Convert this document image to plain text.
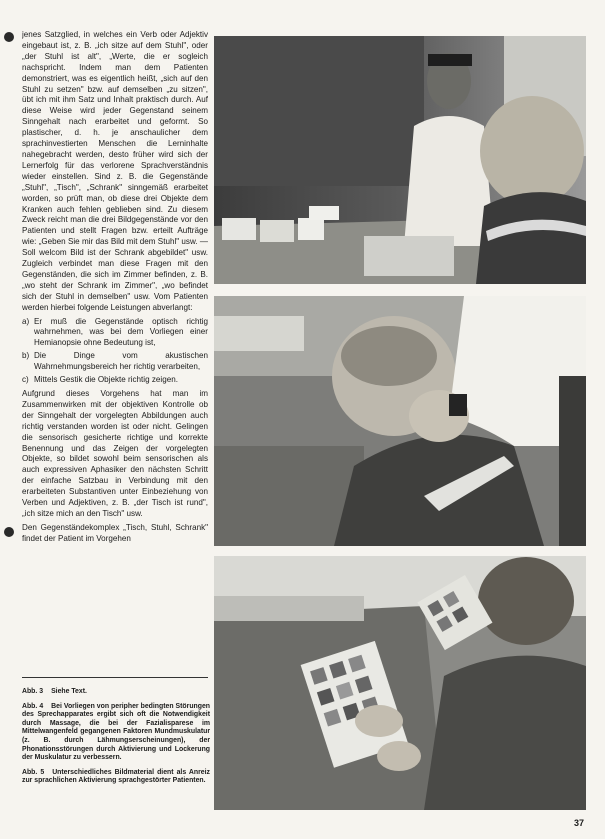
jenes Satzglied, in welches ein Verb oder Adjektiv eingebaut ist, z. B. „ich sitze auf dem Stuhl", oder „der Stuhl ist alt", „Werte, die er sogleich nachspricht. Indem man dem Patienten demonstriert, was es eigentlich heißt, „sich auf den Stuhl zu setzen" bzw. auf demselben „zu sitzen", übt ich mit ihm Satz und Inhalt praktisch durch. Auf diese Weise wird jeder Gegenstand seinem Sinngehalt nach erarbeitet und geformt. So plastischer, d. h. je anschaulicher dem sprachinvestierten Menschen die Lerninhalte nahegebracht werden, desto früher wird sich der Lernerfolg für das verlorene Sprachverständnis wieder einstellen. Sind z. B. die Gegenstände „Stuhl", „Tisch", „Schrank" sinngemäß erarbeitet worden, so prüft man, ob diese drei Objekte dem Kranken auch fehlen geblieben sind. Zu diesem Zweck reicht man die drei Bildgegenstände vor den Patienten und stellt Fragen bzw. erteilt Aufträge wie: „Geben Sie mir das Bild mit dem Stuhl" usw. — Soll welcom Bild ist der Schrank abgebildet" usw. Zugleich verbindet man diese Fragen mit den Gegenständen, die sich im Zimmer befinden, z. B. „wo steht der Schrank im Zimmer", „wo befindet sich der Stuhl in demselben" usw. Vom Patienten werden hierbei folgende Leistungen abverlangt:

a) Er muß die Gegenstände optisch richtig wahrnehmen, was bei dem Vorliegen einer Hemianopsie ohne Bedeutung ist,
b) Die Dinge vom akustischen Wahrnehmungsbereich her richtig verarbeiten,
c) Mittels Gestik die Objekte richtig zeigen.

Aufgrund dieses Vorgehens hat man im Zusammenwirken mit der objektiven Kontrolle ob der Sinngehalt der vorgelegten Abbildungen auch richtig verstanden worden ist oder nicht. Gelingen die sensorisch gesicherte richtige und korrekte Benennung und das Zeigen der vorgelegten Objekte, so bildet sowohl beim sensorischen als auch expressiven Aphasiker den nächsten Schritt der einfache Satzbau in Verbindung mit den erarbeiteten Substantiven unter Einbeziehung von Verben und Adjektiven, z. B. „der Tisch ist rund", „ich sitze mich an den Tisch" usw.

Den Gegenständekomplex „Tisch, Stuhl, Schrank" findet der Patient im Vorgehen

Abb. 3 Siehe Text.

Abb. 4 Bei Vorliegen von peripher bedingten Störungen des Sprechapparates ergibt sich oft die Notwendigkeit durch Massage, die bei der Fazialisparese im Mittelwangenfeld gegangenen Faktoren Mundmuskulatur (z. B. durch Lähmungserscheinungen), der Phonationsstörungen durch Aktivierung und Lockerung der Muskulatur zu verbessern.

Abb. 5 Unterschiedliches Bildmaterial dient als Anreiz zur sprachlichen Aktivierung sprachgestörter Patienten.

37
